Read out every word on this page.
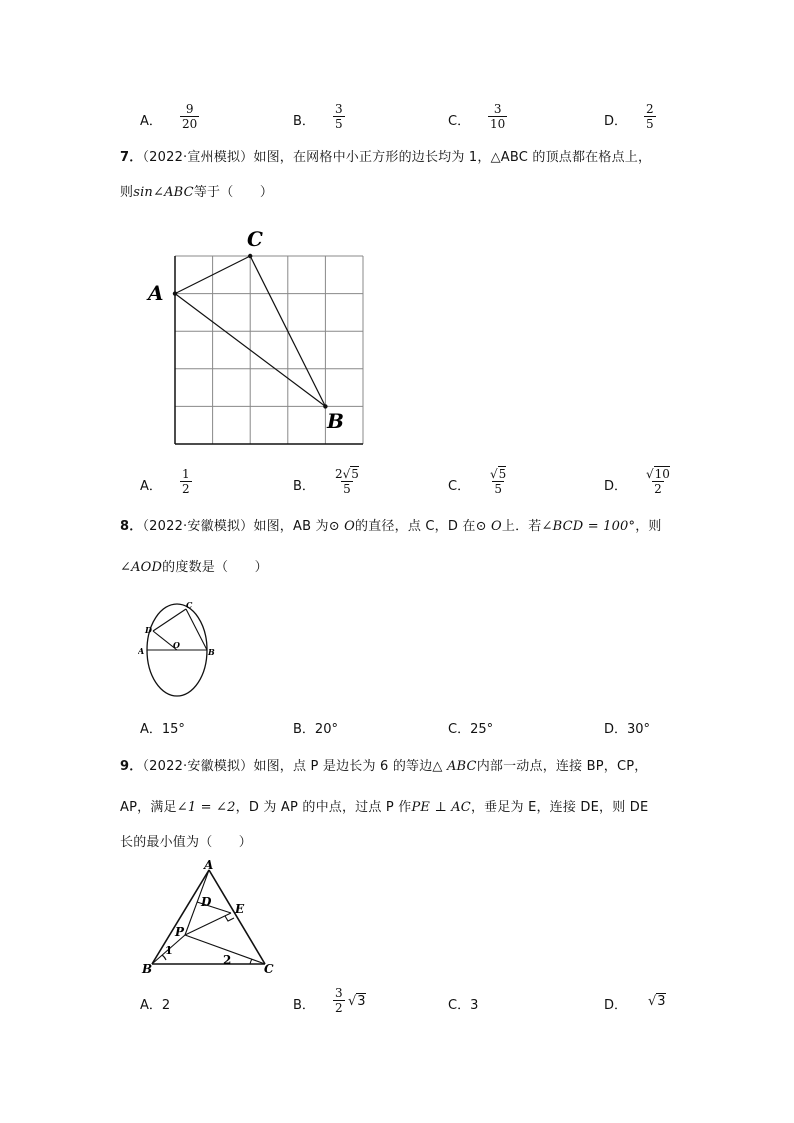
A． $\frac{9}{20}$	B． $\frac{3}{5}$	C． $\frac{3}{10}$	D． $\frac{2}{5}$
7．（2022·宣州模拟）如图，在网格中小正方形的边长均为 1，△ABC 的顶点都在格点上，
则sin∠ABC等于（　　）
A
C
B
A． $\frac{1}{2}$	B． $\frac{2√5}{5}$	C． $\frac{√5}{5}$	D． $\frac{√10}{2}$
8．（2022·安徽模拟）如图，AB 为⊙ O的直径，点 C，D 在⊙ O上．若∠BCD = 100°，则
∠AOD的度数是（　　）
A	B
C
D
O
A．15°	B．20°	C．25°	D．30°
9．（2022·安徽模拟）如图，点 P 是边长为 6 的等边△ ABC内部一动点，连接 BP，CP，
AP，满足∠1 = ∠2，D 为 AP 的中点，过点 P 作PE ⊥ AC，垂足为 E，连接 DE，则 DE
长的最小值为（　　）
A
B	C
D E
P
1
2
A．2	B． $\frac{3}{2} √3$	C．3	D． √3
